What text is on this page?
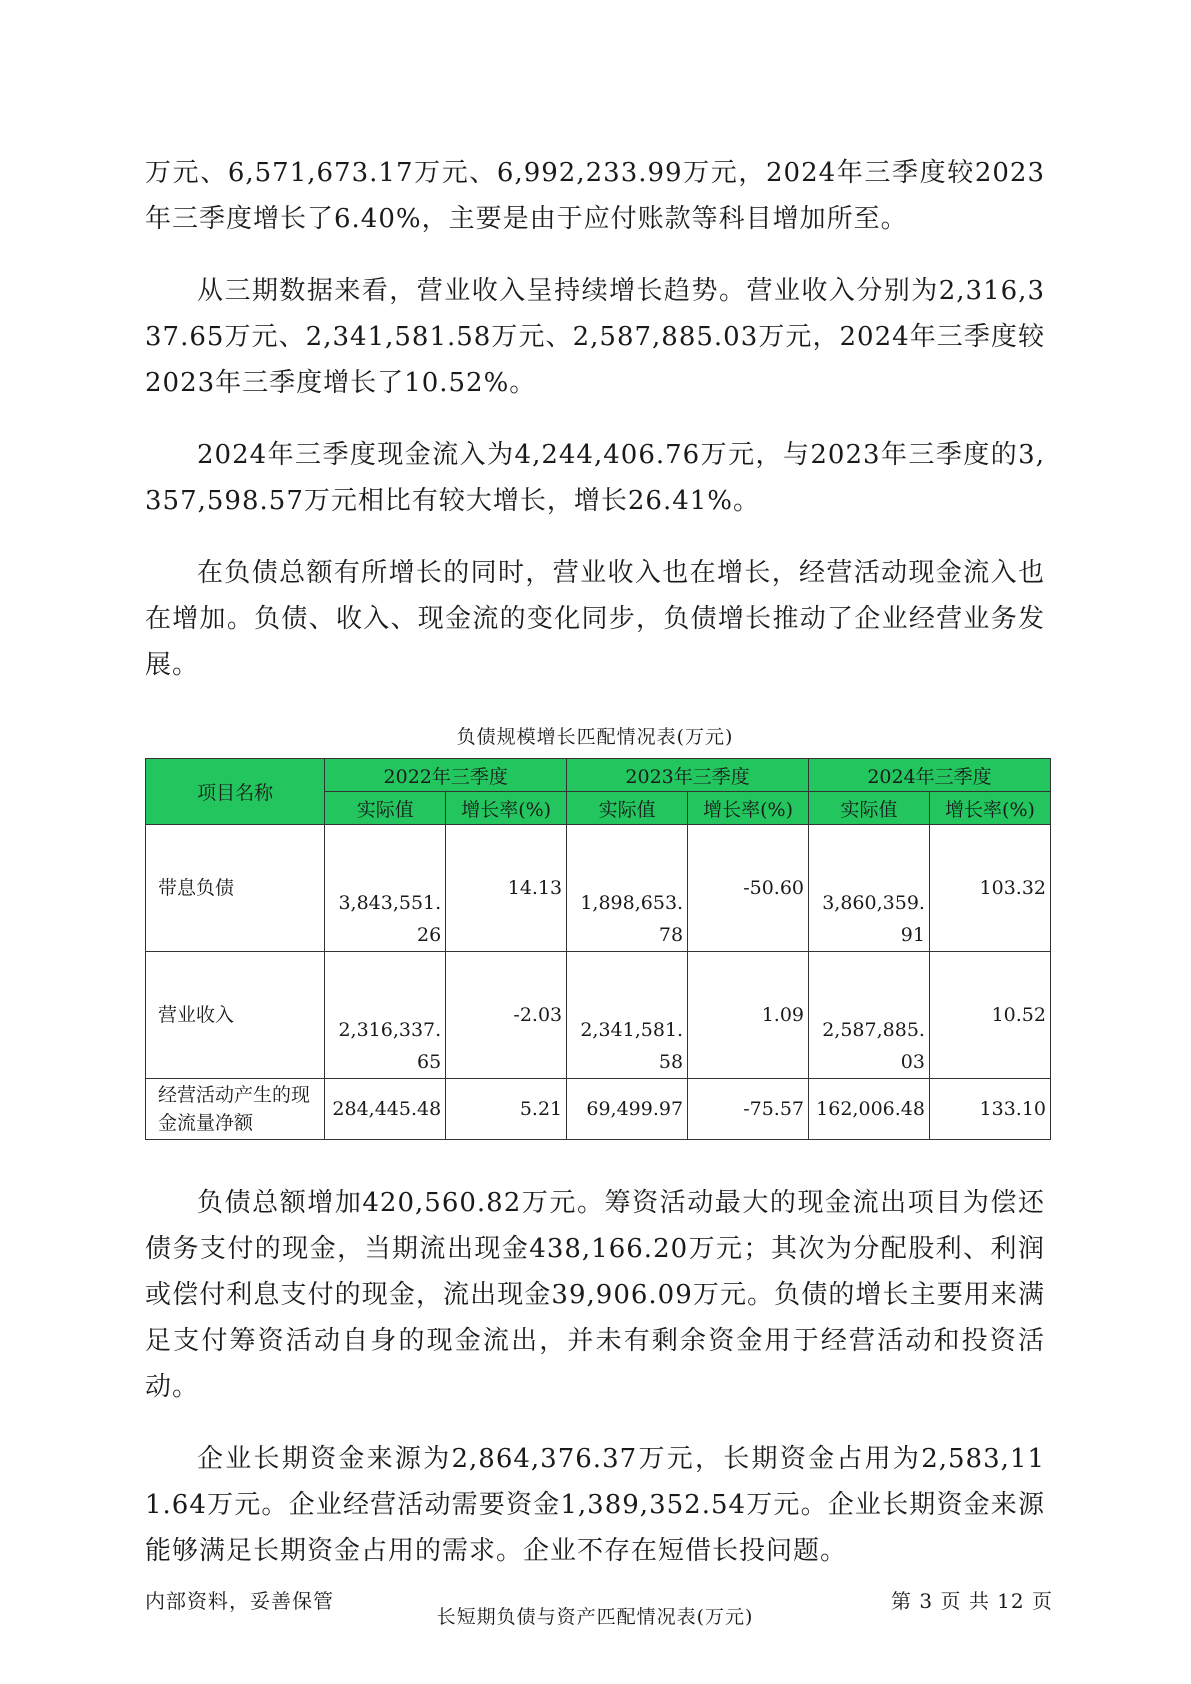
万元、6,571,673.17万元、6,992,233.99万元，2024年三季度较2023年三季度增长了6.40%，主要是由于应付账款等科目增加所至。

从三期数据来看，营业收入呈持续增长趋势。营业收入分别为2,316,337.65万元、2,341,581.58万元、2,587,885.03万元，2024年三季度较2023年三季度增长了10.52%。

2024年三季度现金流入为4,244,406.76万元，与2023年三季度的3,357,598.57万元相比有较大增长，增长26.41%。

在负债总额有所增长的同时，营业收入也在增长，经营活动现金流入也在增加。负债、收入、现金流的变化同步，负债增长推动了企业经营业务发展。

负债规模增长匹配情况表(万元)
项目名称	2022年三季度		2023年三季度		2024年三季度	
	实际值	增长率(%)	实际值	增长率(%)	实际值	增长率(%)
带息负债	3,843,551.26	14.13	1,898,653.78	-50.60	3,860,359.91	103.32
营业收入	2,316,337.65	-2.03	2,341,581.58	1.09	2,587,885.03	10.52
经营活动产生的现金流量净额	284,445.48	5.21	69,499.97	-75.57	162,006.48	133.10

负债总额增加420,560.82万元。筹资活动最大的现金流出项目为偿还债务支付的现金，当期流出现金438,166.20万元；其次为分配股利、利润或偿付利息支付的现金，流出现金39,906.09万元。负债的增长主要用来满足支付筹资活动自身的现金流出，并未有剩余资金用于经营活动和投资活动。

企业长期资金来源为2,864,376.37万元，长期资金占用为2,583,111.64万元。企业经营活动需要资金1,389,352.54万元。企业长期资金来源能够满足长期资金占用的需求。企业不存在短借长投问题。

长短期负债与资产匹配情况表(万元)
内部资料，妥善保管	第 3 页 共 12 页
